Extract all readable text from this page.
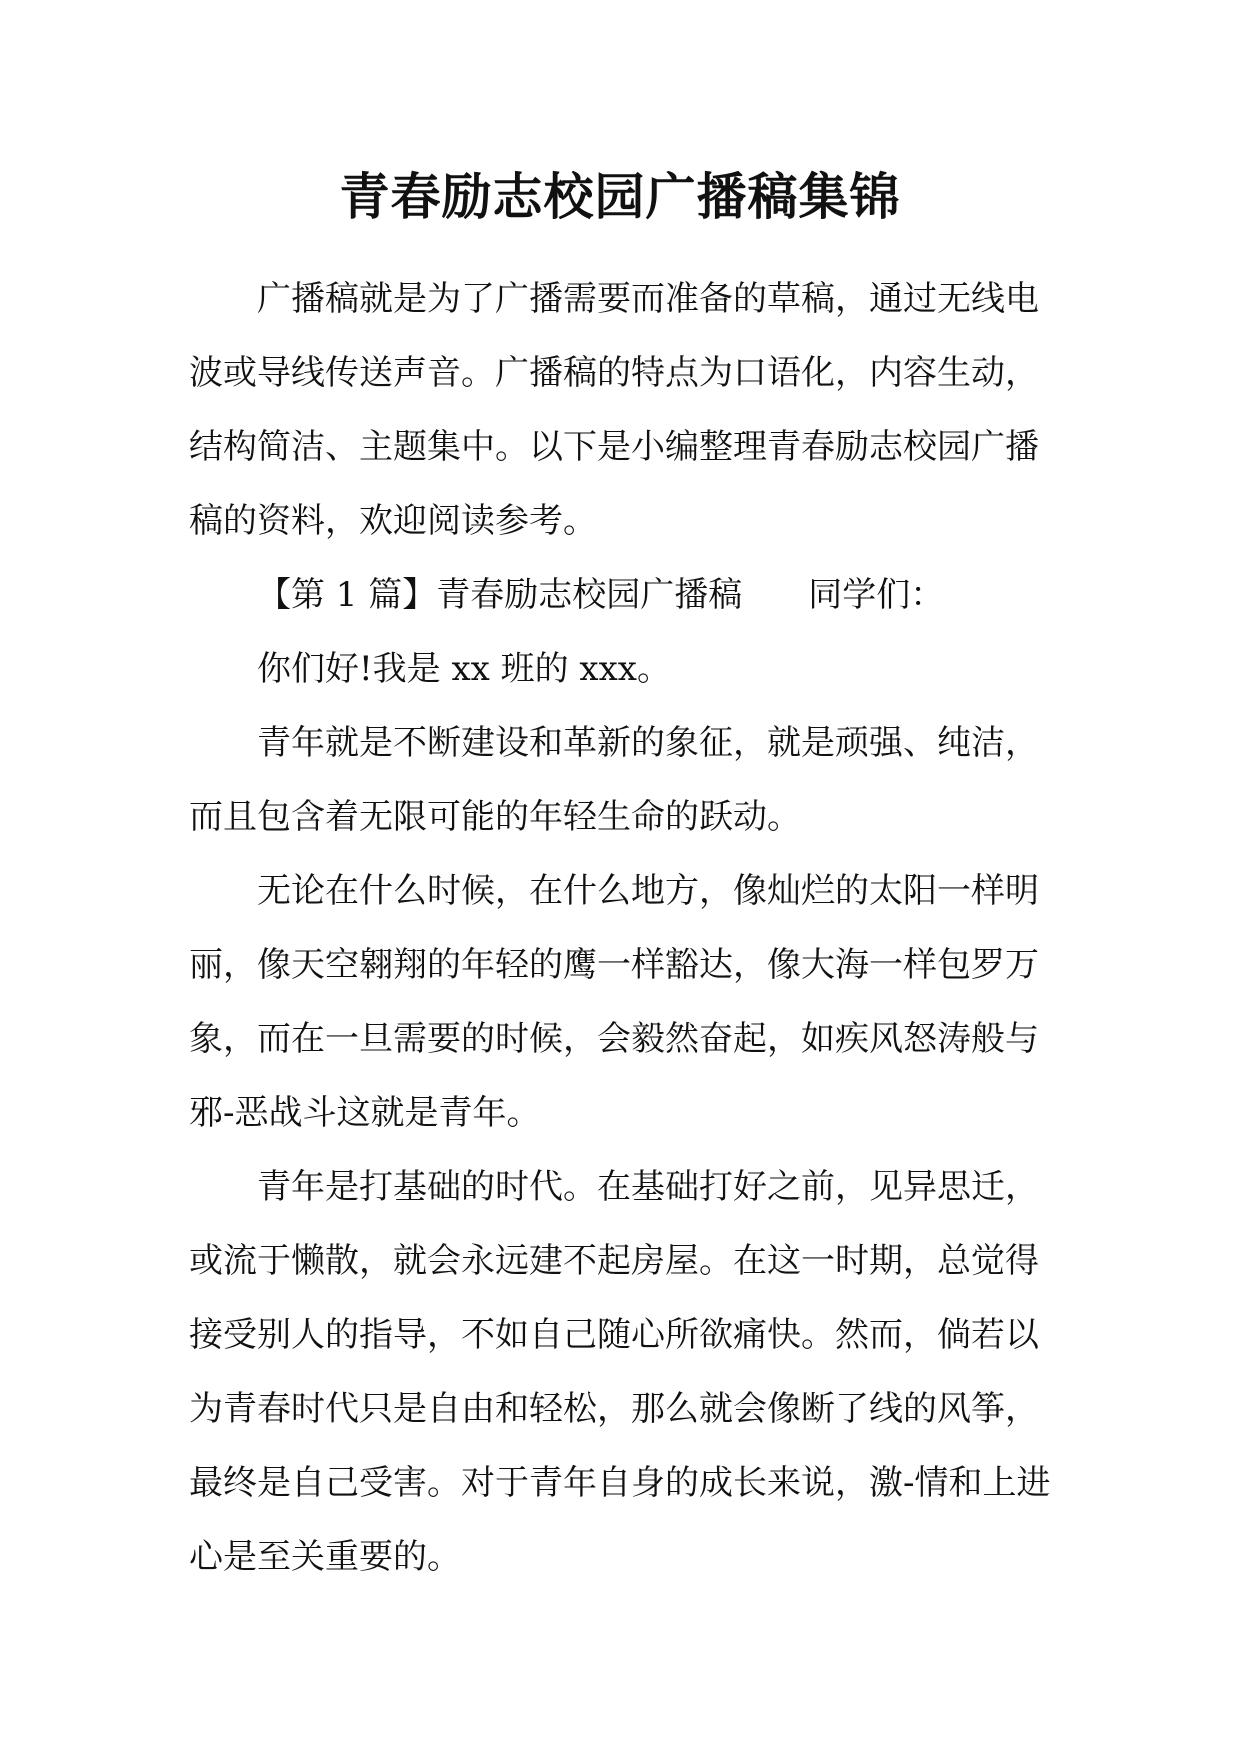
青春励志校园广播稿集锦
广播稿就是为了广播需要而准备的草稿，通过无线电
波或导线传送声音。广播稿的特点为口语化，内容生动，
结构简洁、主题集中。以下是小编整理青春励志校园广播
稿的资料，欢迎阅读参考。
【第 1 篇】青春励志校园广播稿 同学们：
你们好!我是 xx 班的 xxx。
青年就是不断建设和革新的象征，就是顽强、纯洁，
而且包含着无限可能的年轻生命的跃动。
无论在什么时候，在什么地方，像灿烂的太阳一样明
丽，像天空翱翔的年轻的鹰一样豁达，像大海一样包罗万
象，而在一旦需要的时候，会毅然奋起，如疾风怒涛般与
邪-恶战斗这就是青年。
青年是打基础的时代。在基础打好之前，见异思迁，
或流于懒散，就会永远建不起房屋。在这一时期，总觉得
接受别人的指导，不如自己随心所欲痛快。然而，倘若以
为青春时代只是自由和轻松，那么就会像断了线的风筝，
最终是自己受害。对于青年自身的成长来说，激-情和上进
心是至关重要的。
